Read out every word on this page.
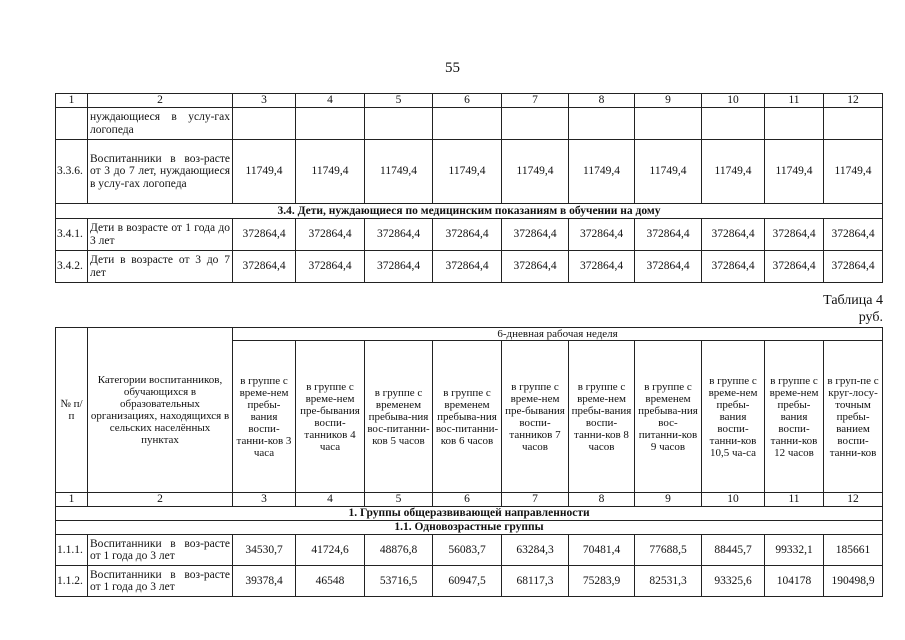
55
1	2	3	4	5	6	7	8	9	10	11	12
	нуждающиеся в услу-гах логопеда										
3.3.6.	Воспитанники в воз-расте от 3 до 7 лет, нуждающиеся в услу-гах логопеда	11749,4	11749,4	11749,4	11749,4	11749,4	11749,4	11749,4	11749,4	11749,4	11749,4
3.4. Дети, нуждающиеся по медицинским показаниям в обучении на дому											
3.4.1.	Дети в возрасте от 1 года до 3 лет	372864,4	372864,4	372864,4	372864,4	372864,4	372864,4	372864,4	372864,4	372864,4	372864,4
3.4.2.	Дети в возрасте от 3 до 7 лет	372864,4	372864,4	372864,4	372864,4	372864,4	372864,4	372864,4	372864,4	372864,4	372864,4
Таблица 4
руб.
№ п/п	Категории воспитанников, обучающихся в образовательных организациях, находящихся в сельских населённых пунктах	6-дневная рабочая неделя									
		в группе с време-нем пребы-вания воспи-танни-ков 3 часа	в группе с време-нем пре-бывания воспи-танников 4 часа	в группе с временем пребыва-ния вос-питанни-ков 5 часов	в группе с временем пребыва-ния вос-питанни-ков 6 часов	в группе с време-нем пре-бывания воспи-танников 7 часов	в группе с време-нем пребы-вания воспи-танни-ков 8 часов	в группе с временем пребыва-ния вос-питанни-ков 9 часов	в группе с време-нем пребы-вания воспи-танни-ков 10,5 ча-са	в группе с време-нем пребы-вания воспи-танни-ков 12 часов	в груп-пе с круг-лосу-точным пребы-ванием воспи-танни-ков
1	2	3	4	5	6	7	8	9	10	11	12
1. Группы общеразвивающей направленности											
1.1. Одновозрастные группы											
1.1.1.	Воспитанники в воз-расте от 1 года до 3 лет	34530,7	41724,6	48876,8	56083,7	63284,3	70481,4	77688,5	88445,7	99332,1	185661
1.1.2.	Воспитанники в воз-расте от 1 года до 3 лет	39378,4	46548	53716,5	60947,5	68117,3	75283,9	82531,3	93325,6	104178	190498,9
